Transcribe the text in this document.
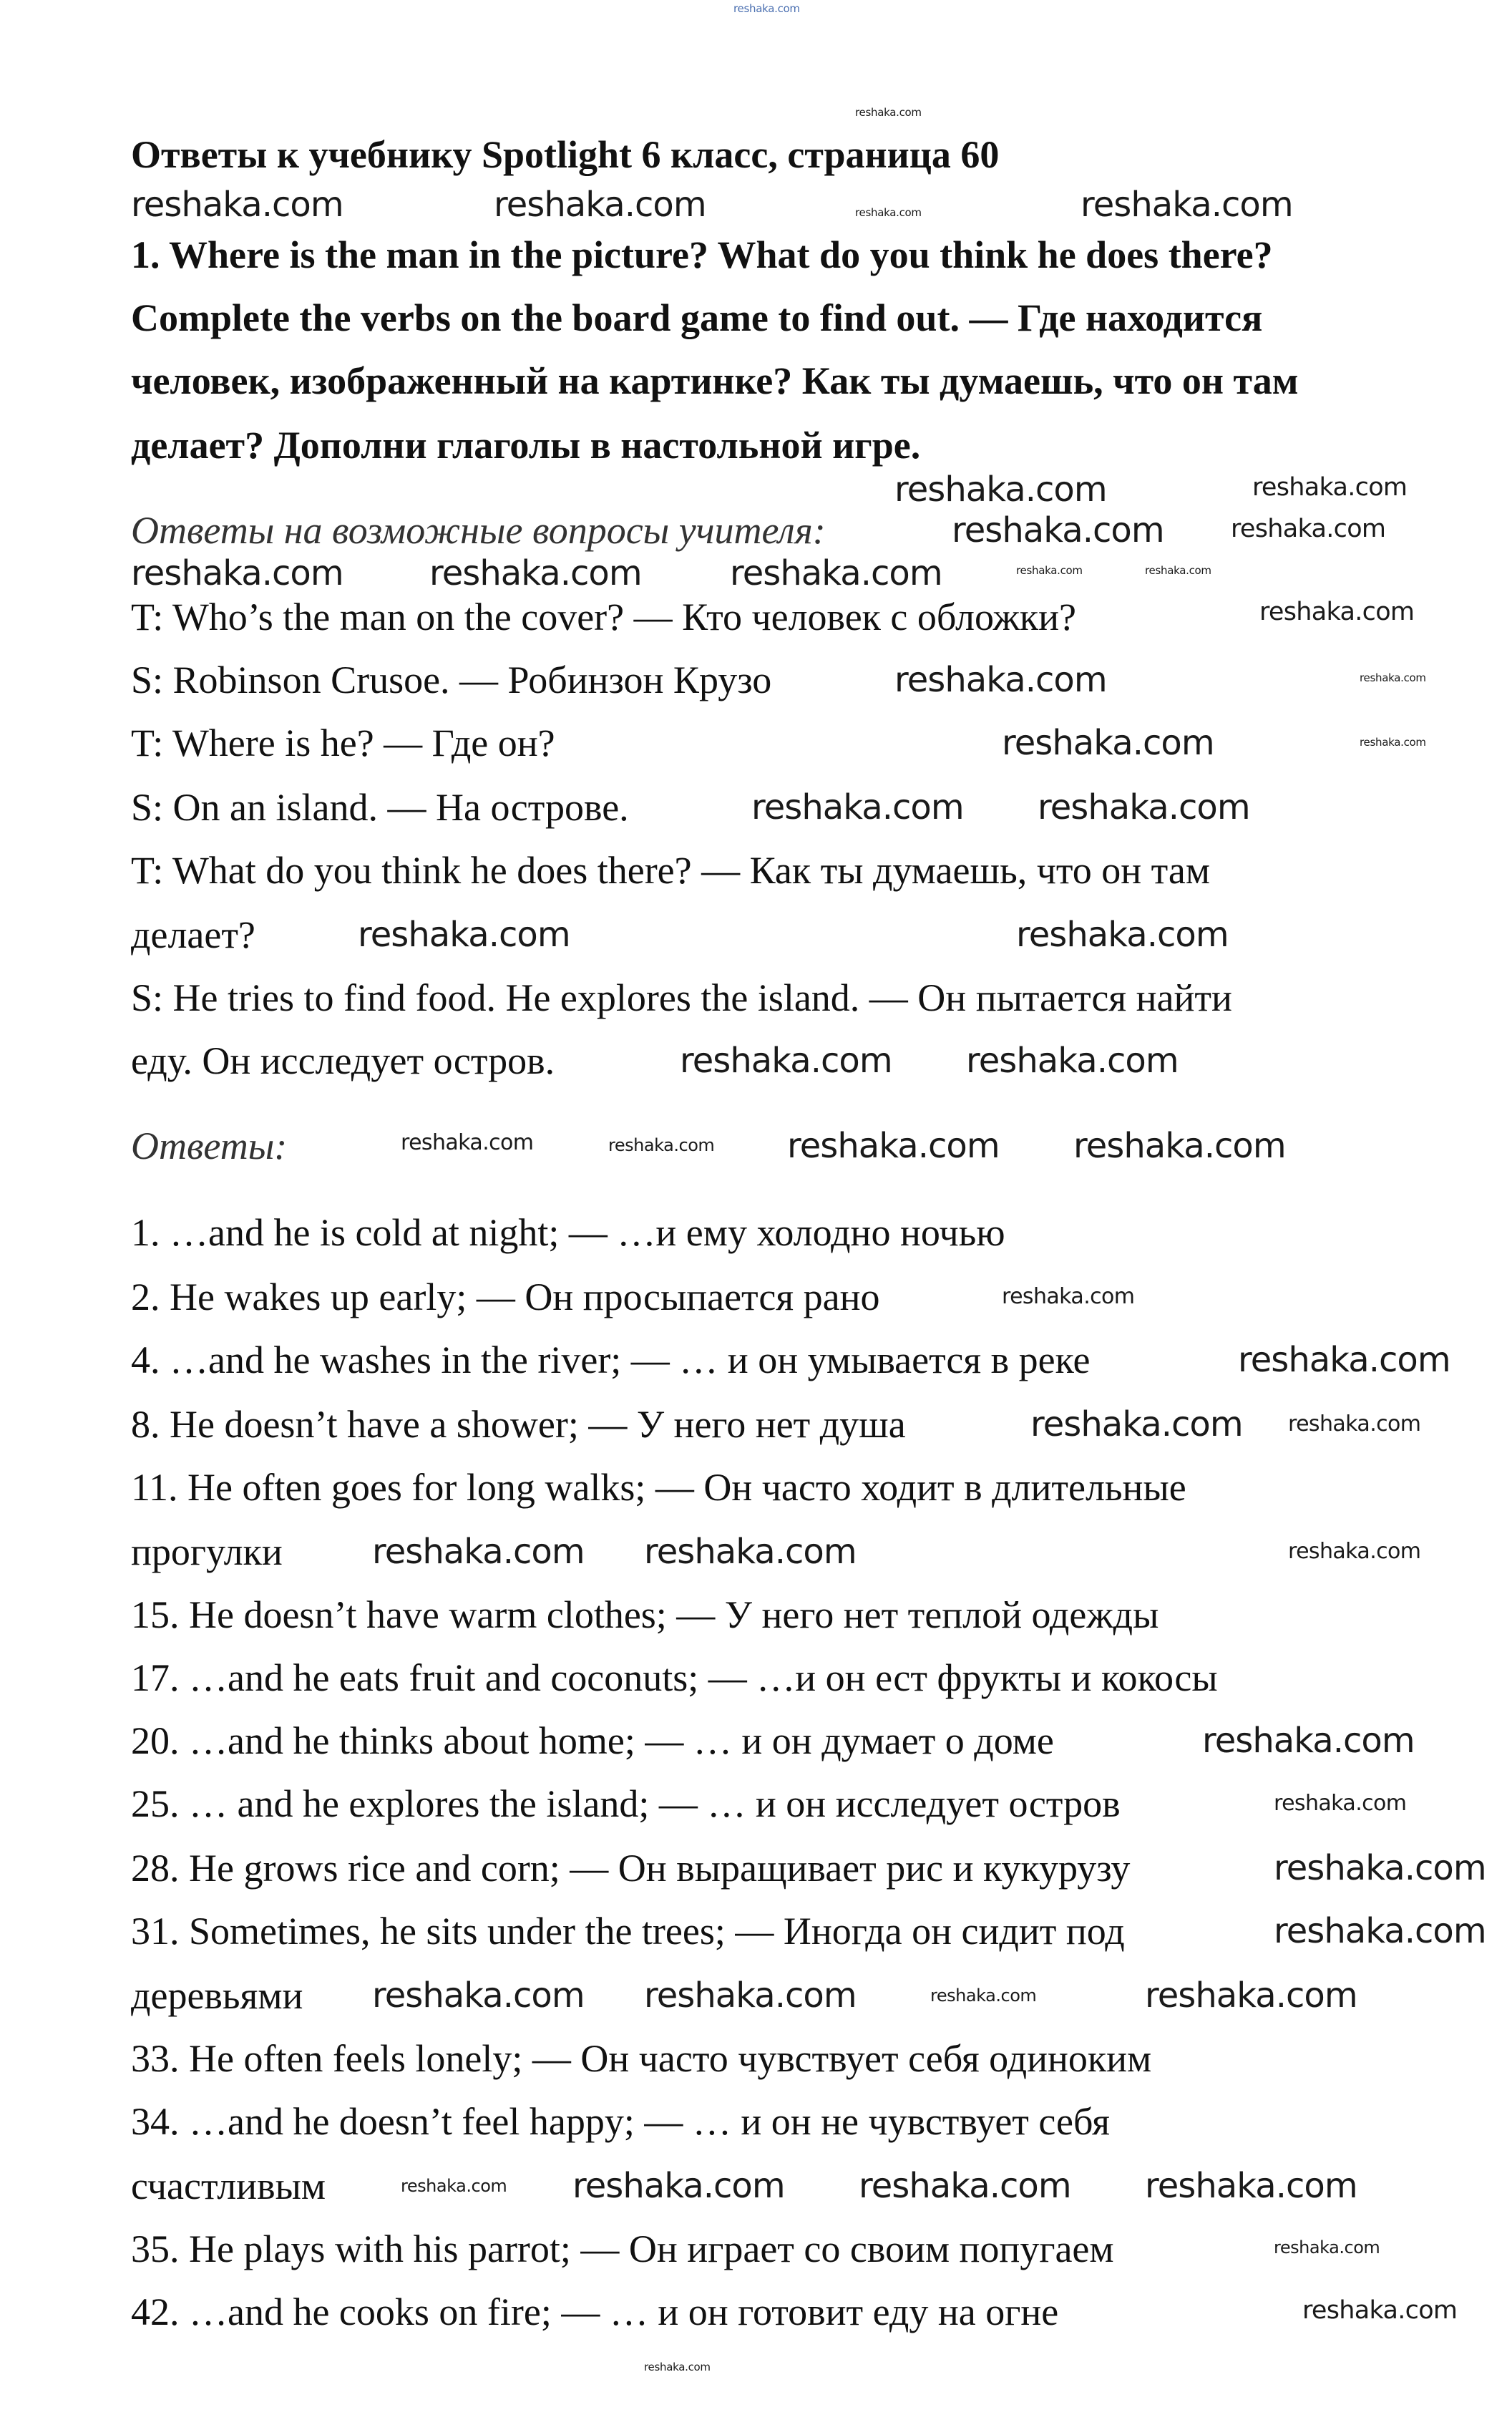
Ответы к учебнику Spotlight 6 класс, страница 60
1. Where is the man in the picture? What do you think he does there?
Complete the verbs on the board game to find out. — Где находится
человек, изображенный на картинке? Как ты думаешь, что он там
делает? Дополни глаголы в настольной игре.
Ответы на возможные вопросы учителя:
T: Who’s the man on the cover? — Кто человек с обложки?
S: Robinson Crusoe. — Робинзон Крузо
T: Where is he? — Где он?
S: On an island. — На острове.
T: What do you think he does there? — Как ты думаешь, что он там
делает?
S: He tries to find food. He explores the island. — Он пытается найти
еду. Он исследует остров.
Ответы:
1. …and he is cold at night; — …и ему холодно ночью
2. He wakes up early; — Он просыпается рано
4. …and he washes in the river; — … и он умывается в реке
8. He doesn’t have a shower; — У него нет душа
11. He often goes for long walks; — Он часто ходит в длительные
прогулки
15. He doesn’t have warm clothes; — У него нет теплой одежды
17. …and he eats fruit and coconuts; — …и он ест фрукты и кокосы
20. …and he thinks about home; — … и он думает о доме
25. … and he explores the island; — … и он исследует остров
28. He grows rice and corn; — Он выращивает рис и кукурузу
31. Sometimes, he sits under the trees; — Иногда он сидит под
деревьями
33. He often feels lonely; — Он часто чувствует себя одиноким
34. …and he doesn’t feel happy; — … и он не чувствует себя
счастливым
35. He plays with his parrot; — Он играет со своим попугаем
42. …and he cooks on fire; — … и он готовит еду на огне
reshaka.com
reshaka.com
reshaka.com	reshaka.com	reshaka.com	reshaka.com
reshaka.com	reshaka.com
reshaka.com	reshaka.com
reshaka.com	reshaka.com	reshaka.com	reshaka.com	reshaka.com
reshaka.com
reshaka.com	reshaka.com
reshaka.com	reshaka.com
reshaka.com reshaka.com
reshaka.com	reshaka.com
reshaka.com reshaka.com
reshaka.com	reshaka.com reshaka.com reshaka.com
reshaka.com
reshaka.com
reshaka.com reshaka.com
reshaka.com reshaka.com	reshaka.com
reshaka.com
reshaka.com
reshaka.com
reshaka.com
reshaka.com reshaka.com	reshaka.com	reshaka.com
reshaka.com reshaka.com reshaka.com reshaka.com
reshaka.com
reshaka.com
reshaka.com
